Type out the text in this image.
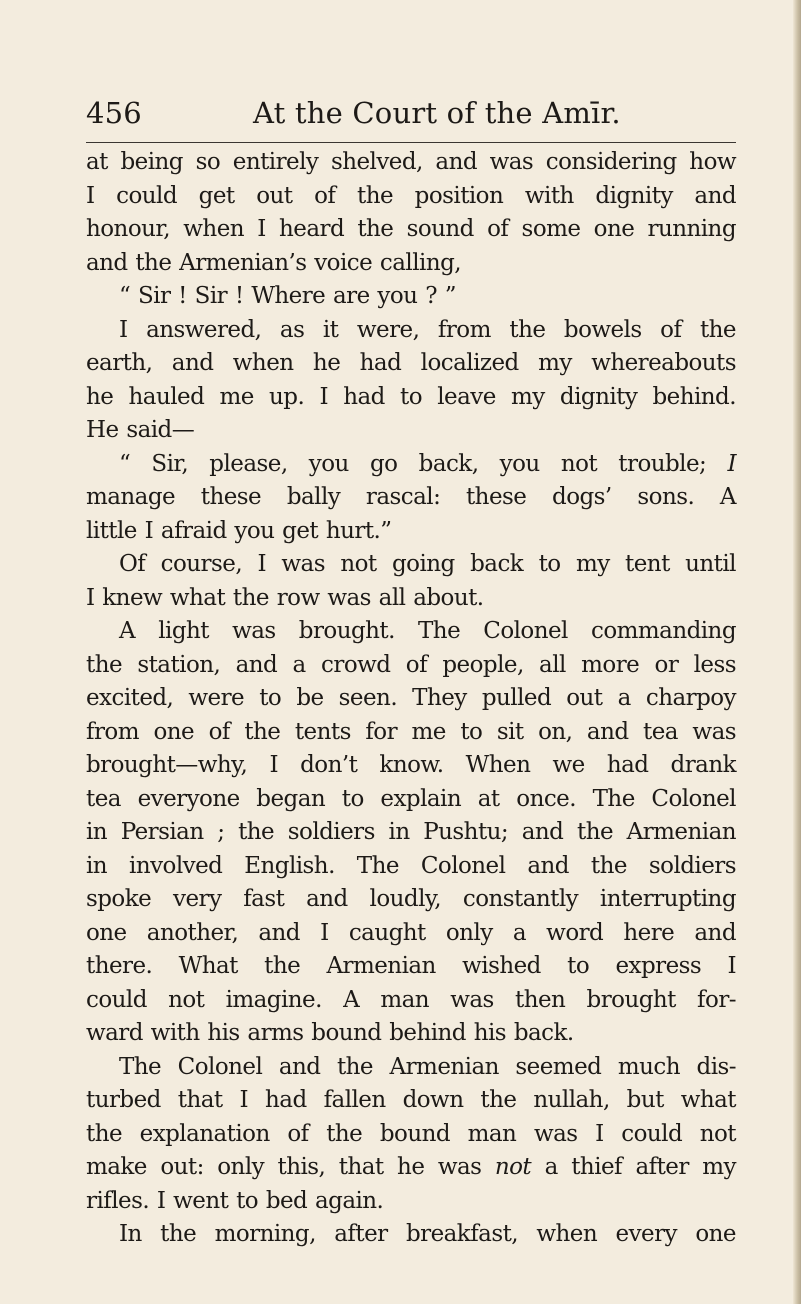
456	At the Court of the Amīr.
at being so entirely shelved, and was considering how
I could get out of the position with dignity and
honour, when I heard the sound of some one running
and the Armenian’s voice calling,
“ Sir ! Sir ! Where are you ? ”
I answered, as it were, from the bowels of the
earth, and when he had localized my whereabouts
he hauled me up. I had to leave my dignity behind.
He said—
“ Sir, please, you go back, you not trouble; I
manage these bally rascal: these dogs’ sons. A
little I afraid you get hurt.”
Of course, I was not going back to my tent until
I knew what the row was all about.
A light was brought. The Colonel commanding
the station, and a crowd of people, all more or less
excited, were to be seen. They pulled out a charpoy
from one of the tents for me to sit on, and tea was
brought—why, I don’t know. When we had drank
tea everyone began to explain at once. The Colonel
in Persian ; the soldiers in Pushtu; and the Armenian
in involved English. The Colonel and the soldiers
spoke very fast and loudly, constantly interrupting
one another, and I caught only a word here and
there. What the Armenian wished to express I
could not imagine. A man was then brought for-
ward with his arms bound behind his back.
The Colonel and the Armenian seemed much dis-
turbed that I had fallen down the nullah, but what
the explanation of the bound man was I could not
make out: only this, that he was not a thief after my
rifles. I went to bed again.
In the morning, after breakfast, when every one
